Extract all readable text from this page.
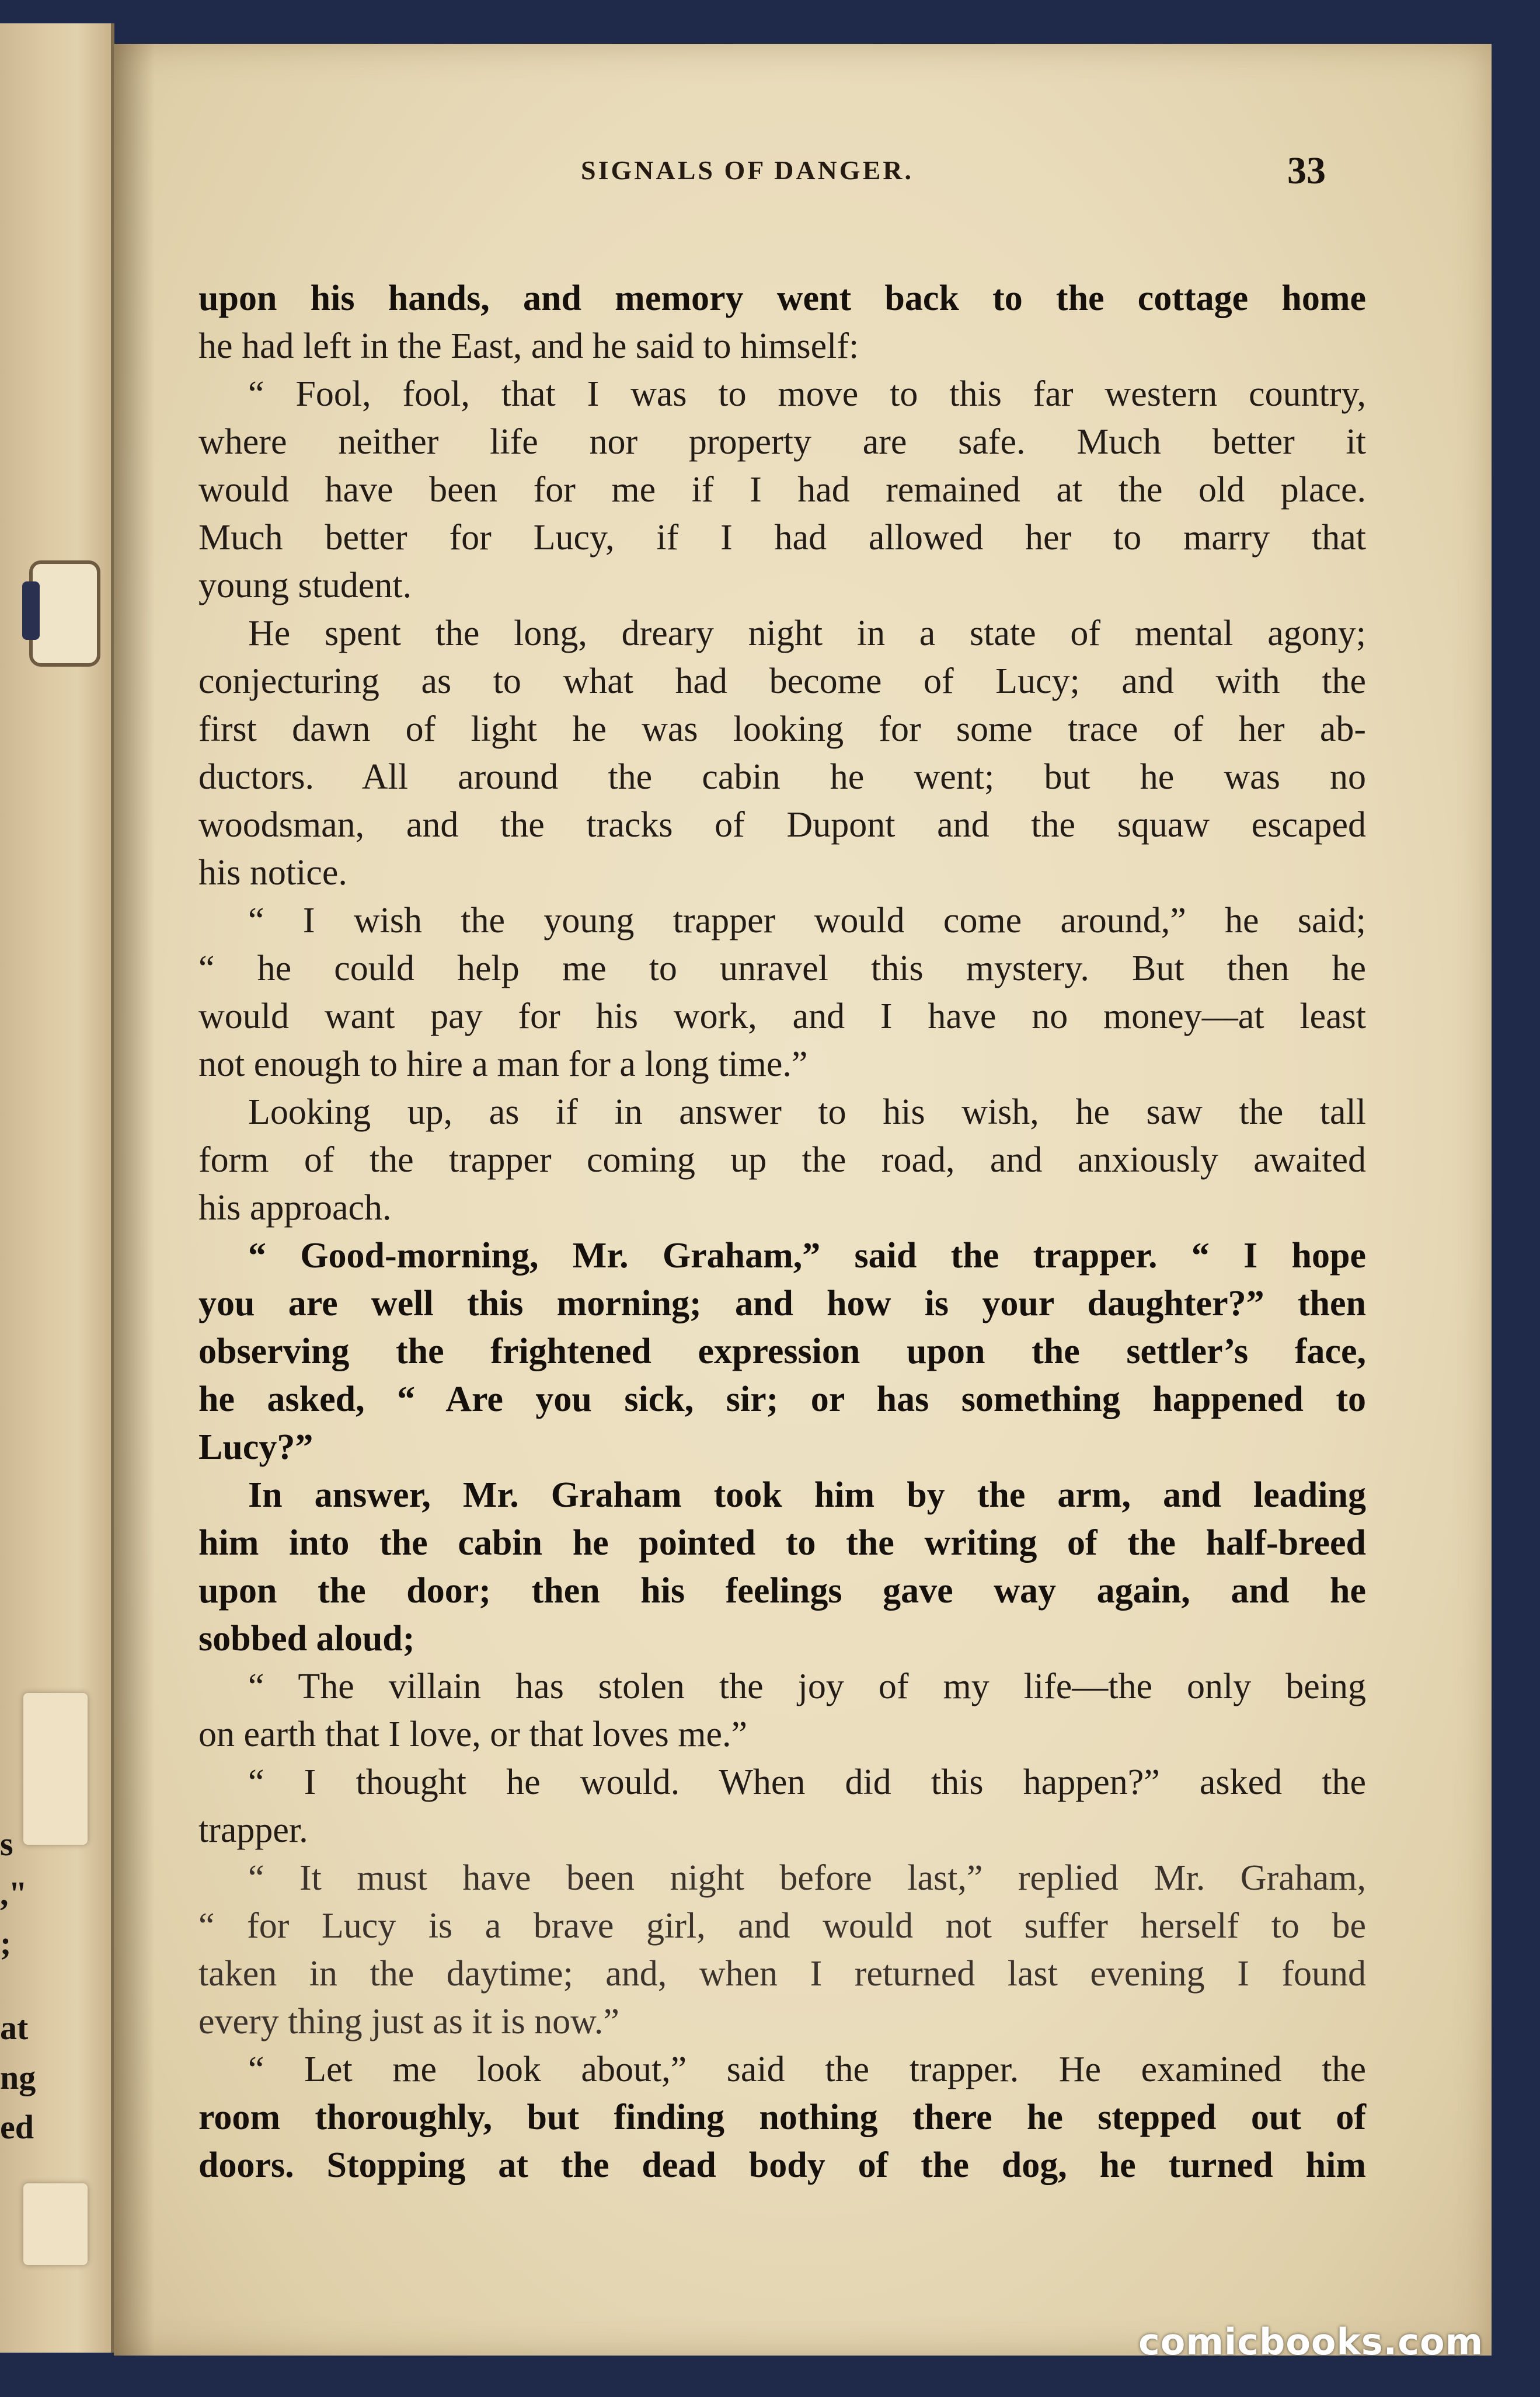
s
,"
;
at
ng
ed
SIGNALS OF DANGER.	33
upon his hands, and memory went back to the cottage home
he had left in the East, and he said to himself:
“ Fool, fool, that I was to move to this far western country,
where neither life nor property are safe. Much better it
would have been for me if I had remained at the old place.
Much better for Lucy, if I had allowed her to marry that
young student.
He spent the long, dreary night in a state of mental agony;
conjecturing as to what had become of Lucy; and with the
first dawn of light he was looking for some trace of her ab-
ductors. All around the cabin he went; but he was no
woodsman, and the tracks of Dupont and the squaw escaped
his notice.
“ I wish the young trapper would come around,” he said;
“ he could help me to unravel this mystery. But then he
would want pay for his work, and I have no money—at least
not enough to hire a man for a long time.”
Looking up, as if in answer to his wish, he saw the tall
form of the trapper coming up the road, and anxiously awaited
his approach.
“ Good-morning, Mr. Graham,” said the trapper. “ I hope
you are well this morning; and how is your daughter?” then
observing the frightened expression upon the settler’s face,
he asked, “ Are you sick, sir; or has something happened to
Lucy?”
In answer, Mr. Graham took him by the arm, and leading
him into the cabin he pointed to the writing of the half-breed
upon the door; then his feelings gave way again, and he
sobbed aloud;
“ The villain has stolen the joy of my life—the only being
on earth that I love, or that loves me.”
“ I thought he would. When did this happen?” asked the
trapper.
“ It must have been night before last,” replied Mr. Graham,
“ for Lucy is a brave girl, and would not suffer herself to be
taken in the daytime; and, when I returned last evening I found
every thing just as it is now.”
“ Let me look about,” said the trapper. He examined the
room thoroughly, but finding nothing there he stepped out of
doors. Stopping at the dead body of the dog, he turned him
comicbooks.com
